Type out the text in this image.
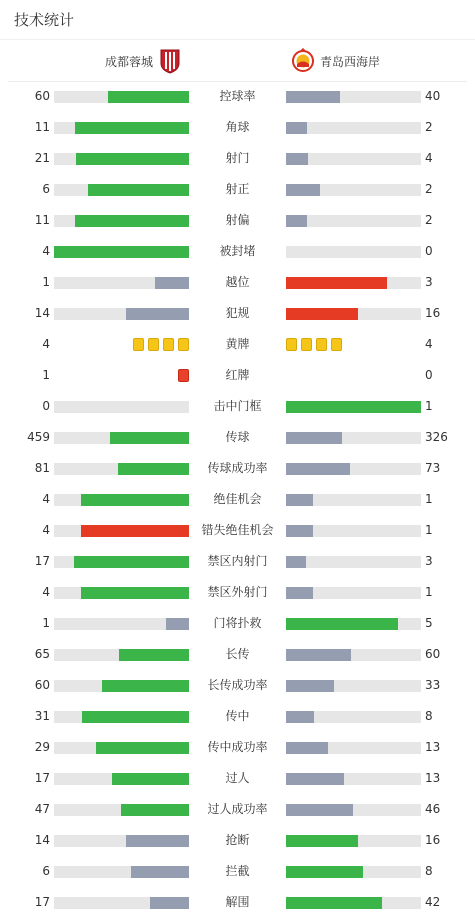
技术统计
成都蓉城	青岛西海岸
60	控球率	40
11	角球	2
21	射门	4
6	射正	2
11	射偏	2
4	被封堵	0
1	越位	3
14	犯规	16
4	黄牌	4
1	红牌	0
0	击中门框	1
459	传球	326
81	传球成功率	73
4	绝佳机会	1
4	错失绝佳机会	1
17	禁区内射门	3
4	禁区外射门	1
1	门将扑救	5
65	长传	60
60	长传成功率	33
31	传中	8
29	传中成功率	13
17	过人	13
47	过人成功率	46
14	抢断	16
6	拦截	8
17	解围	42
